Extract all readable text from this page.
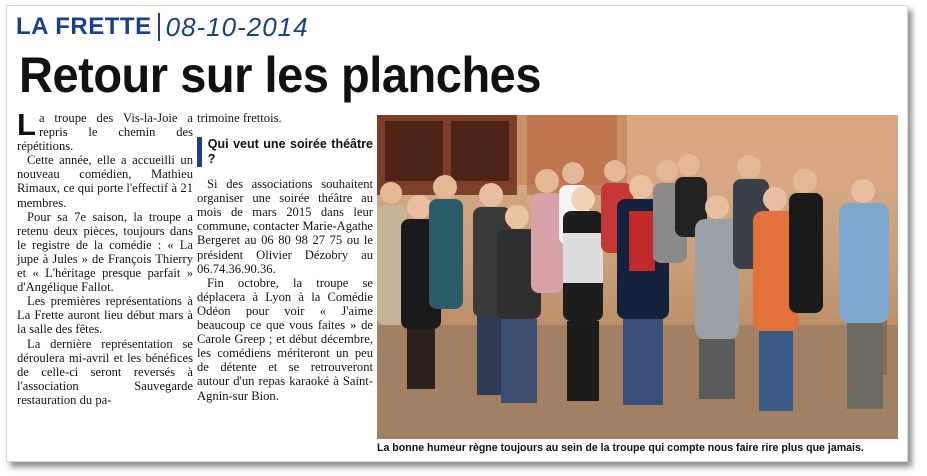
LA FRETTE 08-10-2014
Retour sur les planches

La troupe des Vis-la-Joie a repris le chemin des répétitions.

Cette année, elle a accueilli un nouveau comédien, Mathieu Rimaux, ce qui porte l'effectif à 21 membres.

Pour sa 7e saison, la troupe a retenu deux pièces, toujours dans le registre de la comédie : « La jupe à Jules » de François Thierry et « L'héritage presque parfait » d'Angélique Fallot.

Les premières représentations à La Frette auront lieu début mars à la salle des fêtes.

La dernière représentation se déroulera mi-avril et les bénéfices de celle-ci seront reversés à l'association Sauvegarde restauration du pa-

trimoine frettois.

Qui veut une soirée théâtre ?

Si des associations souhaitent organiser une soirée théâtre au mois de mars 2015 dans leur commune, contacter Marie-Agathe Bergeret au 06 80 98 27 75 ou le président Olivier Dézobry au 06.74.36.90.36.

Fin octobre, la troupe se déplacera à Lyon à la Comédie Odéon pour voir « J'aime beaucoup ce que vous faites » de Carole Greep ; et début décembre, les comédiens mériteront un peu de détente et se retrouveront autour d'un repas karaoké à Saint-Agnin-sur Bion.

La bonne humeur règne toujours au sein de la troupe qui compte nous faire rire plus que jamais.
